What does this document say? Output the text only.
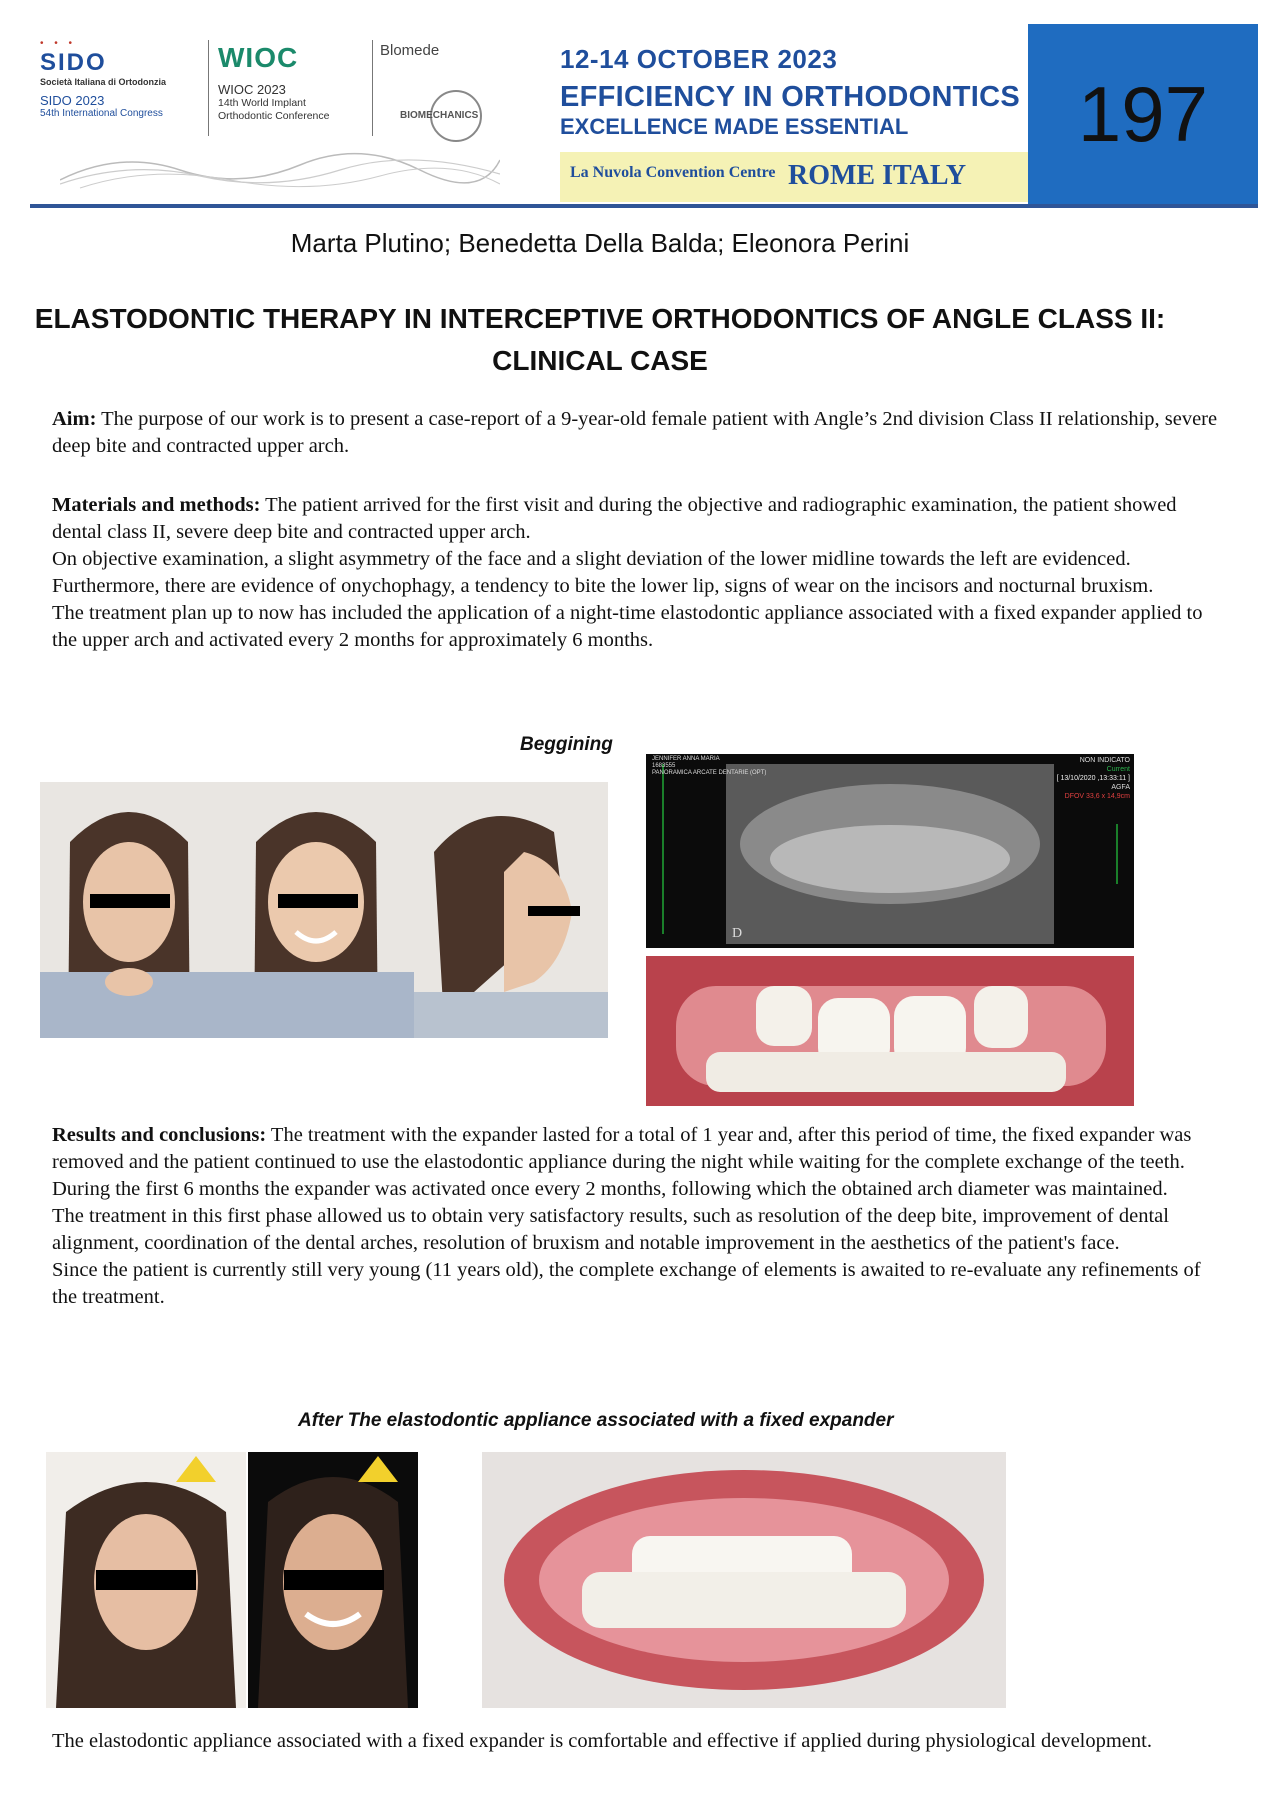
• • •
SIDO
Società Italiana di Ortodonzia
SIDO 2023
54th International Congress
WIOC
WIOC 2023
14th World Implant
Orthodontic Conference
Blomede
BIOMECHANICS
12-14 OCTOBER 2023
EFFICIENCY IN ORTHODONTICS
EXCELLENCE MADE ESSENTIAL
La Nuvola Convention Centre ROME ITALY
197
Marta Plutino; Benedetta Della Balda; Eleonora Perini
ELASTODONTIC THERAPY IN INTERCEPTIVE ORTHODONTICS OF ANGLE CLASS II:
CLINICAL CASE
Aim: The purpose of our work is to present a case-report of a 9-year-old female patient with Angle’s 2nd division Class II relationship, severe deep bite and contracted upper arch.
Materials and methods: The patient arrived for the first visit and during the objective and radiographic examination, the patient showed dental class II, severe deep bite and contracted upper arch.
On objective examination, a slight asymmetry of the face and a slight deviation of the lower midline towards the left are evidenced.
Furthermore, there are evidence of onychophagy, a tendency to bite the lower lip, signs of wear on the incisors and nocturnal bruxism.
The treatment plan up to now has included the application of a night-time elastodontic appliance associated with a fixed expander applied to the upper arch and activated every 2 months for approximately 6 months.
Beggining
JENNIFER ANNA MARIA
1683555
PANORAMICA ARCATE DENTARIE (OPT)
NON INDICATO
Current
[ 13/10/2020 ,13:33:11 ]
AGFA
DFOV 33,6 x 14,9cm
D
Results and conclusions: The treatment with the expander lasted for a total of 1 year and, after this period of time, the fixed expander was removed and the patient continued to use the elastodontic appliance during the night while waiting for the complete exchange of the teeth.
During the first 6 months the expander was activated once every 2 months, following which the obtained arch diameter was maintained.
The treatment in this first phase allowed us to obtain very satisfactory results, such as resolution of the deep bite, improvement of dental alignment, coordination of the dental arches, resolution of bruxism and notable improvement in the aesthetics of the patient's face.
Since the patient is currently still very young (11 years old), the complete exchange of elements is awaited to re-evaluate any refinements of the treatment.
After The elastodontic appliance associated with a fixed expander
The elastodontic appliance associated with a fixed expander is comfortable and effective if applied during physiological development.
